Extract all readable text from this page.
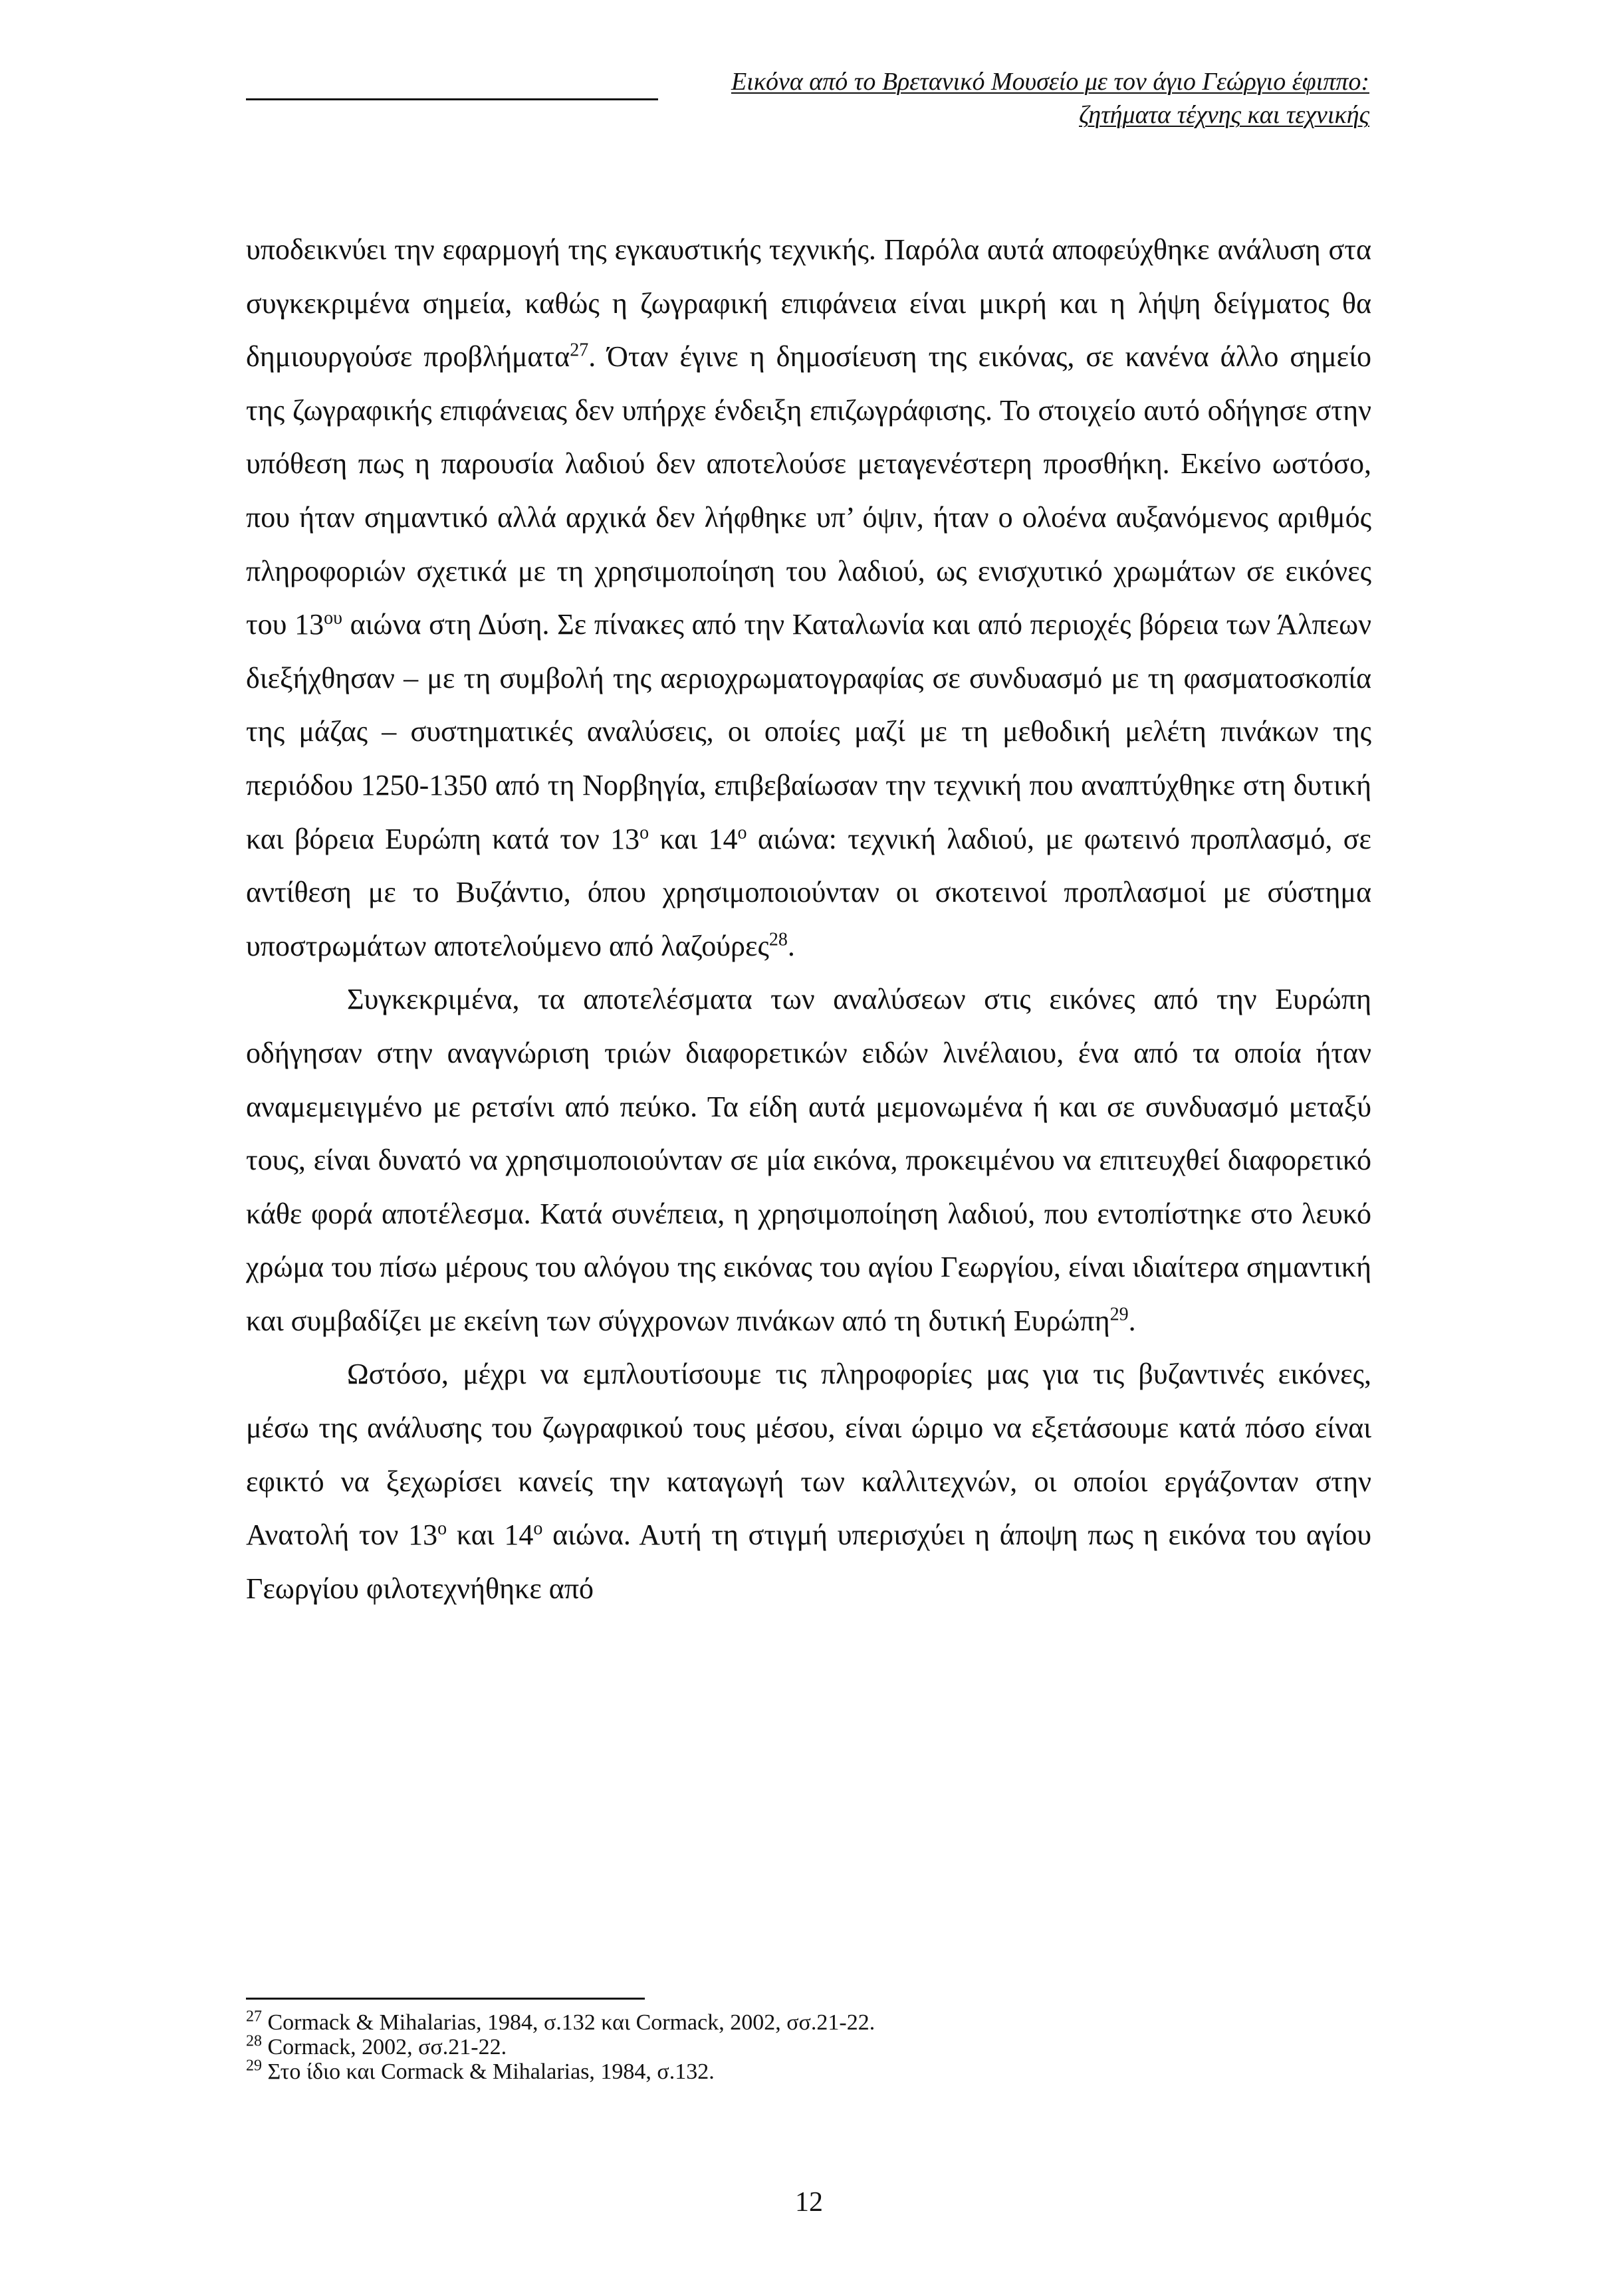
Εικόνα από το Βρετανικό Μουσείο με τον άγιο Γεώργιο έφιππο:
ζητήματα τέχνης και τεχνικής

υποδεικνύει την εφαρμογή της εγκαυστικής τεχνικής. Παρόλα αυτά αποφεύχθηκε ανάλυση στα συγκεκριμένα σημεία, καθώς η ζωγραφική επιφάνεια είναι μικρή και η λήψη δείγματος θα δημιουργούσε προβλήματα$^{27}$. Όταν έγινε η δημοσίευση της εικόνας, σε κανένα άλλο σημείο της ζωγραφικής επιφάνειας δεν υπήρχε ένδειξη επιζωγράφισης. Το στοιχείο αυτό οδήγησε στην υπόθεση πως η παρουσία λαδιού δεν αποτελούσε μεταγενέστερη προσθήκη. Εκείνο ωστόσο, που ήταν σημαντικό αλλά αρχικά δεν λήφθηκε υπ’ όψιν, ήταν ο ολοένα αυξανόμενος αριθμός πληροφοριών σχετικά με τη χρησιμοποίηση του λαδιού, ως ενισχυτικό χρωμάτων σε εικόνες του $13^{o\upsilon}$ αιώνα στη Δύση. Σε πίνακες από την Καταλωνία και από περιοχές βόρεια των Άλπεων διεξήχθησαν – με τη συμβολή της αεριοχρωματογραφίας σε συνδυασμό με τη φασματοσκοπία της μάζας – συστηματικές αναλύσεις, οι οποίες μαζί με τη μεθοδική μελέτη πινάκων της περιόδου 1250-1350 από τη Νορβηγία, επιβεβαίωσαν την τεχνική που αναπτύχθηκε στη δυτική και βόρεια Ευρώπη κατά τον $13^o$ και $14^o$ αιώνα: τεχνική λαδιού, με φωτεινό προπλασμό, σε αντίθεση με το Βυζάντιο, όπου χρησιμοποιούνταν οι σκοτεινοί προπλασμοί με σύστημα υποστρωμάτων αποτελούμενο από λαζούρες$^{28}$.

Συγκεκριμένα, τα αποτελέσματα των αναλύσεων στις εικόνες από την Ευρώπη οδήγησαν στην αναγνώριση τριών διαφορετικών ειδών λινέλαιου, ένα από τα οποία ήταν αναμεμειγμένο με ρετσίνι από πεύκο. Τα είδη αυτά μεμονωμένα ή και σε συνδυασμό μεταξύ τους, είναι δυνατό να χρησιμοποιούνταν σε μία εικόνα, προκειμένου να επιτευχθεί διαφορετικό κάθε φορά αποτέλεσμα. Κατά συνέπεια, η χρησιμοποίηση λαδιού, που εντοπίστηκε στο λευκό χρώμα του πίσω μέρους του αλόγου της εικόνας του αγίου Γεωργίου, είναι ιδιαίτερα σημαντική και συμβαδίζει με εκείνη των σύγχρονων πινάκων από τη δυτική Ευρώπη$^{29}$.

Ωστόσο, μέχρι να εμπλουτίσουμε τις πληροφορίες μας για τις βυζαντινές εικόνες, μέσω της ανάλυσης του ζωγραφικού τους μέσου, είναι ώριμο να εξετάσουμε κατά πόσο είναι εφικτό να ξεχωρίσει κανείς την καταγωγή των καλλιτεχνών, οι οποίοι εργάζονταν στην Ανατολή τον $13^o$ και $14^o$ αιώνα. Αυτή τη στιγμή υπερισχύει η άποψη πως η εικόνα του αγίου Γεωργίου φιλοτεχνήθηκε από

$^{27}$ Cormack & Mihalarias, 1984, σ.132 και Cormack, 2002, σσ.21-22.

$^{28}$ Cormack, 2002, σσ.21-22.

$^{29}$ Στο ίδιο και Cormack & Mihalarias, 1984, σ.132.

12
